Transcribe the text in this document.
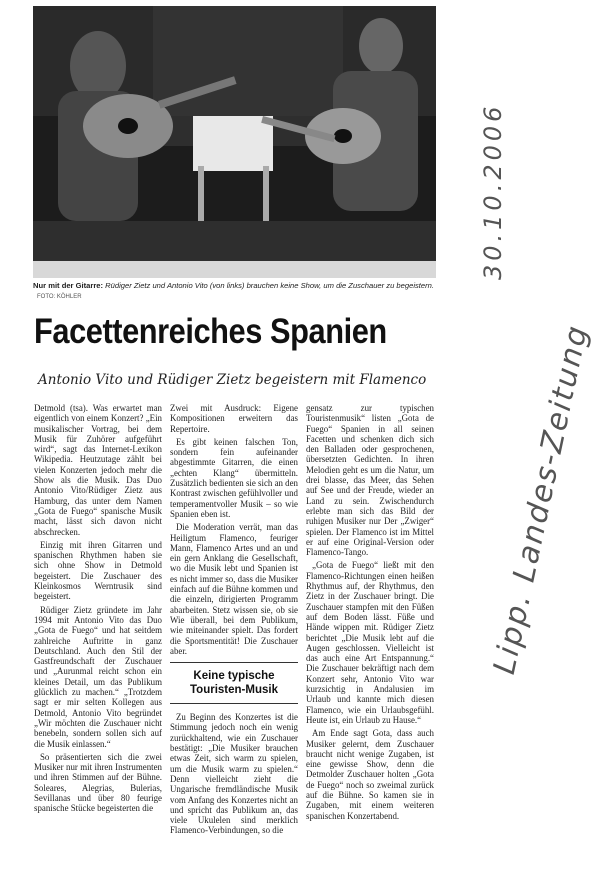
Nur mit der Gitarre: Rüdiger Zietz und Antonio Vito (von links) brauchen keine Show, um die Zuschauer zu begeistern. FOTO: KÖHLER
Facettenreiches Spanien
Antonio Vito und Rüdiger Zietz begeistern mit Flamenco

Detmold (tsa). Was erwartet man eigentlich von einem Konzert? „Ein musikalischer Vortrag, bei dem Musik für Zuhörer aufgeführt wird“, sagt das Internet-Lexikon Wikipedia. Heutzutage zählt bei vielen Konzerten jedoch mehr die Show als die Musik. Das Duo Antonio Vito/Rüdiger Zietz aus Hamburg, das unter dem Namen „Gota de Fuego“ spanische Musik macht, lässt sich davon nicht abschrecken.

Einzig mit ihren Gitarren und spanischen Rhythmen haben sie sich ohne Show in Detmold begeistert. Die Zuschauer des Kleinkosmos Werntrusik sind begeistert.

Rüdiger Zietz gründete im Jahr 1994 mit Antonio Vito das Duo „Gota de Fuego“ und hat seitdem zahlreiche Auftritte in ganz Deutschland. Auch den Stil der Gastfreundschaft der Zuschauer und „Aurunmal reicht schon ein kleines Detail, um das Publikum glücklich zu machen.“ „Trotzdem sagt er mir selten Kollegen aus Detmold, Antonio Vito begründet „Wir möchten die Zuschauer nicht benebeln, sondern sollen sich auf die Musik einlassen.“

So präsentierten sich die zwei Musiker nur mit ihren Instrumenten und ihren Stimmen auf der Bühne. Soleares, Alegrias, Bulerias, Sevillanas und über 80 feurige spanische Stücke begeisterten die

Zwei mit Ausdruck: Eigene Kompositionen erweitern das Repertoire.

Es gibt keinen falschen Ton, sondern fein aufeinander abgestimmte Gitarren, die einen „echten Klang“ übermitteln. Zusätzlich bedienten sie sich an den Kontrast zwischen gefühlvoller und temperamentvoller Musik – so wie Spanien eben ist.

Die Moderation verrät, man das Heiligtum Flamenco, feuriger Mann, Flamenco Artes und an und ein gern Anklang die Gesellschaft, wo die Musik lebt und Spanien ist es nicht immer so, dass die Musiker einfach auf die Bühne kommen und die einzeln, dirigierten Programm abarbeiten. Stetz wissen sie, ob sie Wie überall, bei dem Publikum, wie miteinander spielt. Das fordert die Sportsmentität! Die Zuschauer aber.

Keine typische Touristen-Musik

Zu Beginn des Konzertes ist die Stimmung jedoch noch ein wenig zurückhaltend, wie ein Zuschauer bestätigt: „Die Musiker brauchen etwas Zeit, sich warm zu spielen, um die Musik warm zu spielen.“ Denn vielleicht zieht die Ungarische fremdländische Musik vom Anfang des Konzertes nicht an und spricht das Publikum an, das viele Ukulelen sind merklich Flamenco-Verbindungen, so die

gensatz zur typischen Touristenmusik“ listen „Gota de Fuego“ Spanien in all seinen Facetten und schenken dich sich den Balladen oder gesprochenen, übersetzten Gedichten. In ihren Melodien geht es um die Natur, um drei blasse, das Meer, das Sehen auf See und der Freude, wieder an Land zu sein. Zwischendurch erlebte man sich das Bild der ruhigen Musiker nur Der „Zwiger“ spielen. Der Flamenco ist im Mittel er auf eine Original-Version oder Flamenco-Tango.

„Gota de Fuego“ ließt mit den Flamenco-Richtungen einen heißen Rhythmus auf, der Rhythmus, den Zietz in der Zuschauer bringt. Die Zuschauer stampfen mit den Füßen auf dem Boden lässt. Füße und Hände wippen mit. Rüdiger Zietz berichtet „Die Musik lebt auf die Augen geschlossen. Vielleicht ist das auch eine Art Entspannung.“ Die Zuschauer bekräftigt nach dem Konzert sehr, Antonio Vito war kurzsichtig in Andalusien im Urlaub und kannte mich diesen Flamenco, wie ein Urlaubsgefühl. Heute ist, ein Urlaub zu Hause.“

Am Ende sagt Gota, dass auch Musiker gelernt, dem Zuschauer braucht nicht wenige Zugaben, ist eine gewisse Show, denn die Detmolder Zuschauer holten „Gota de Fuego“ noch so zweimal zurück auf die Bühne. So kamen sie in Zugaben, mit einem weiteren spanischen Konzertabend.

30.10.2006
Lipp. Landes-Zeitung
